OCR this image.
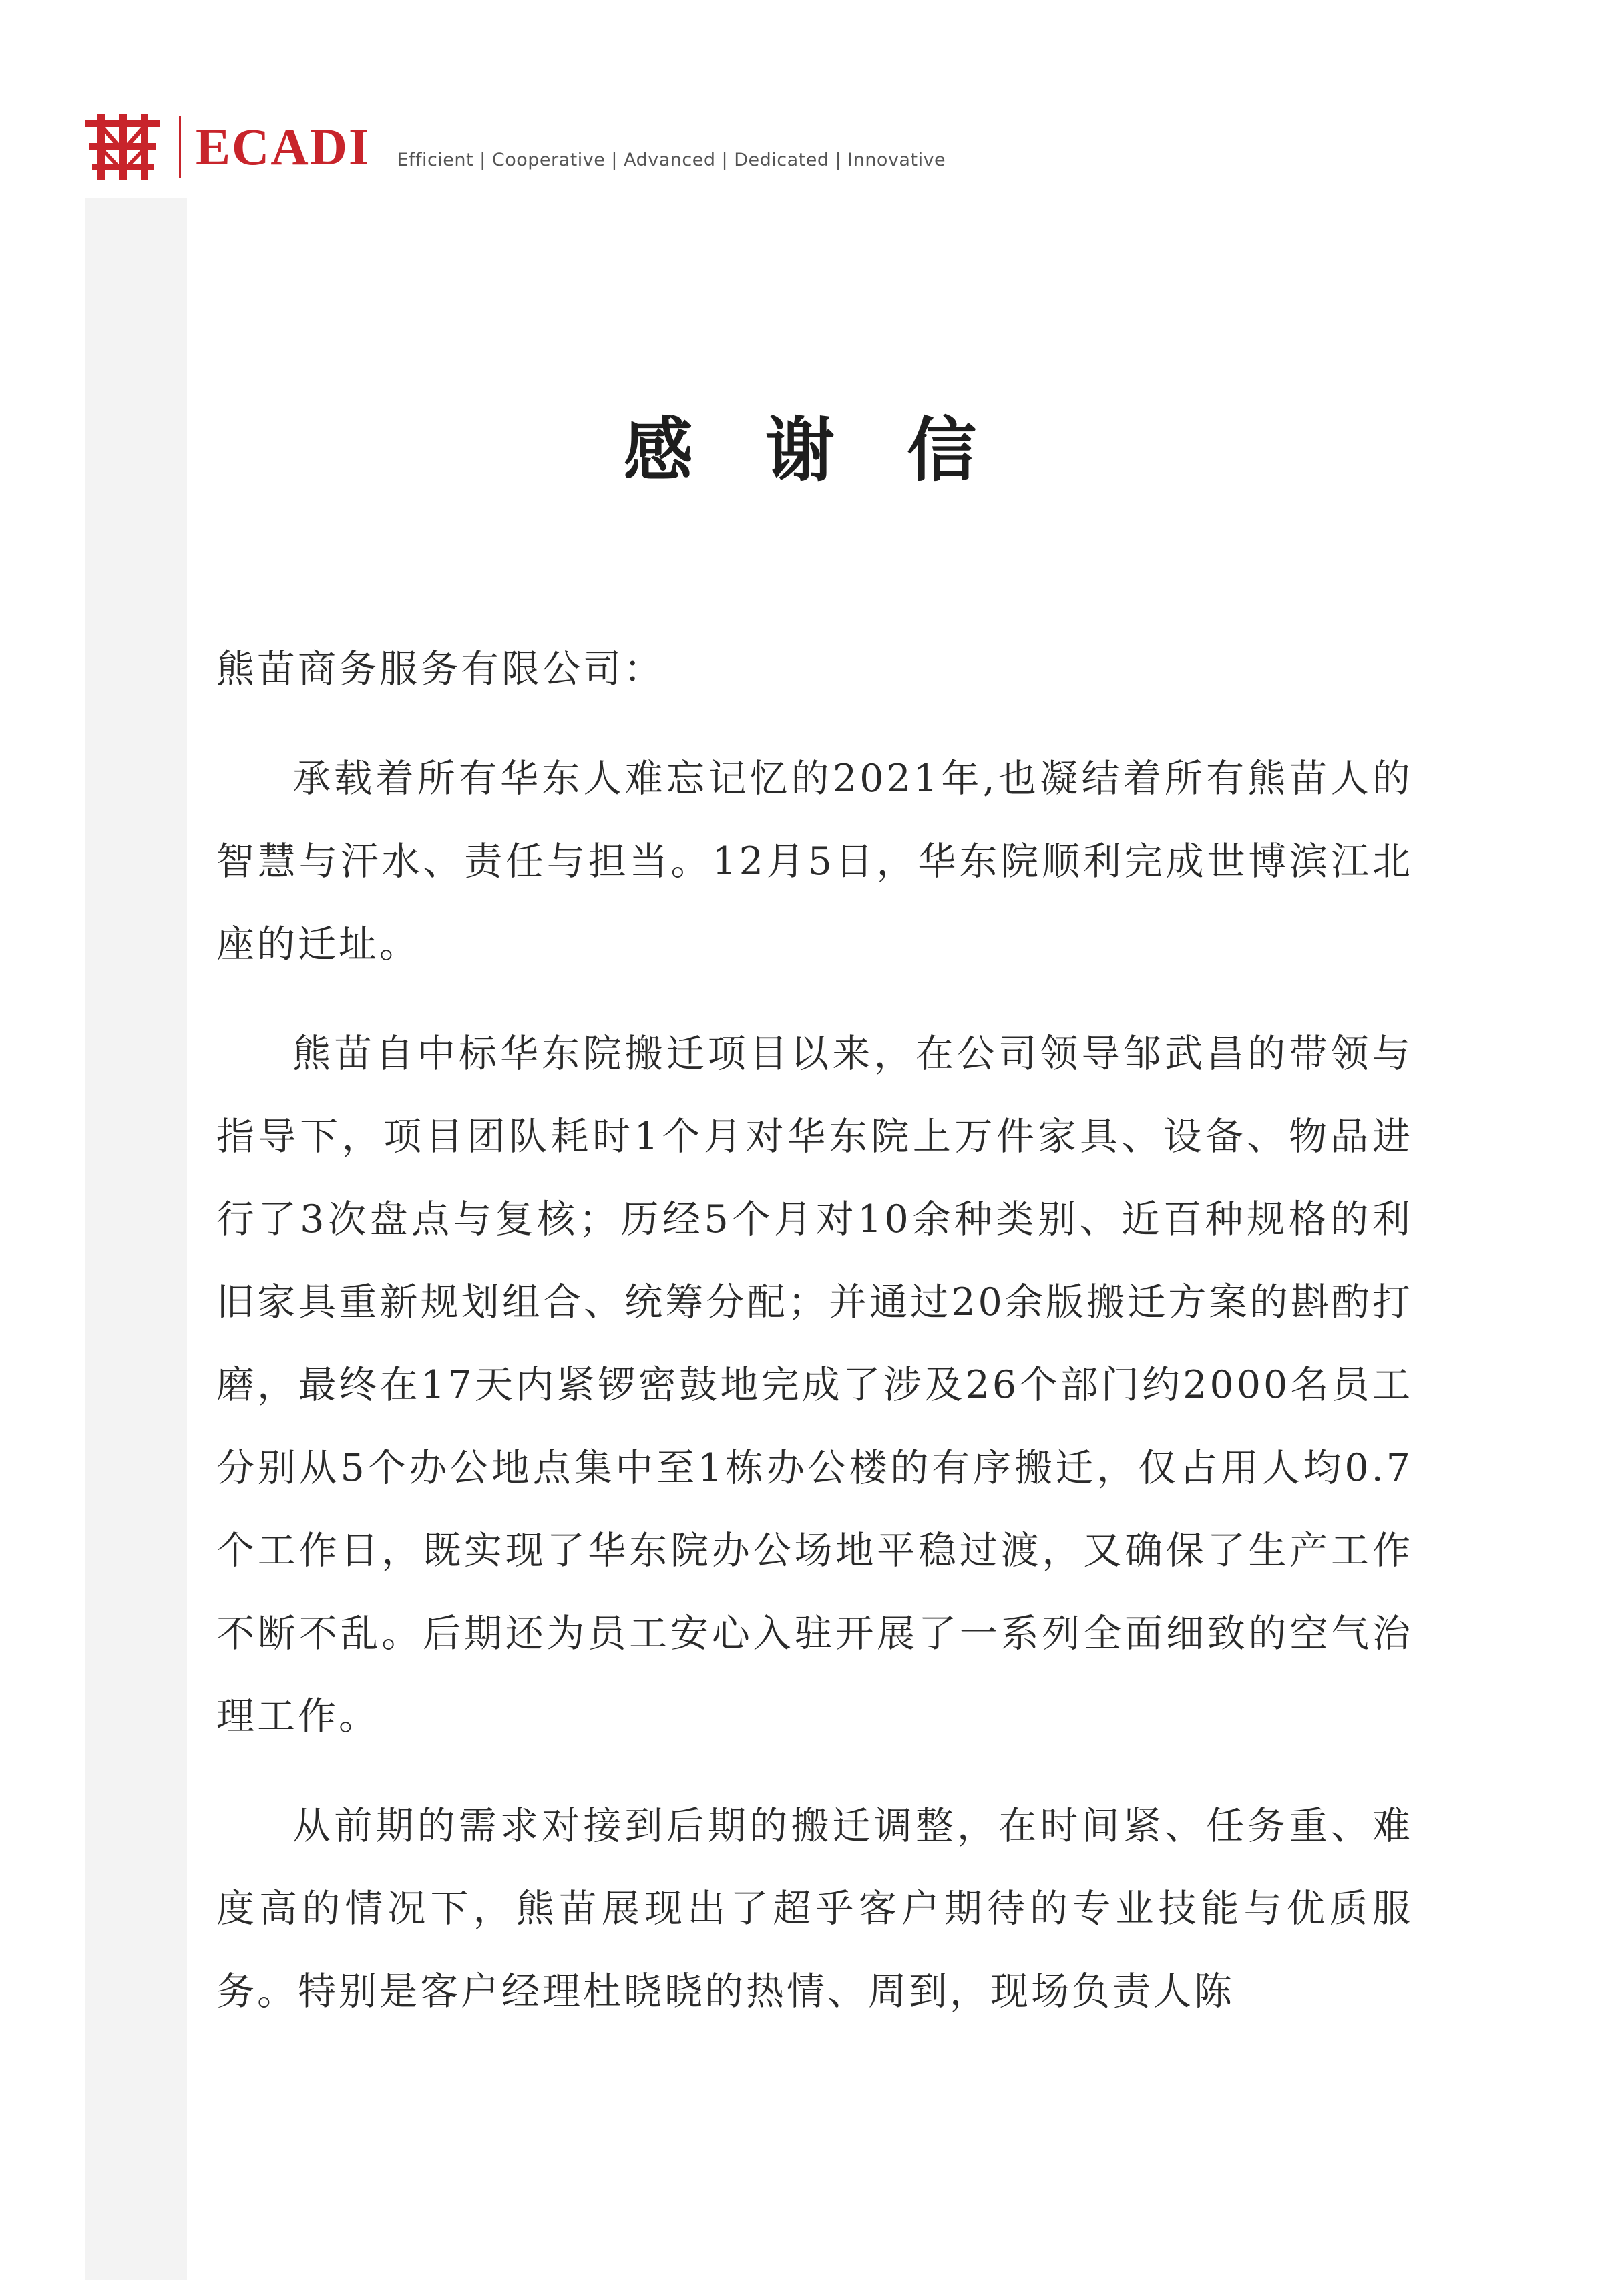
ECADI Efficient | Cooperative | Advanced | Dedicated | Innovative
感 谢 信

熊苗商务服务有限公司：

承载着所有华东人难忘记忆的2021年,也凝结着所有熊苗人的智慧与汗水、责任与担当。12月5日，华东院顺利完成世博滨江北座的迁址。

熊苗自中标华东院搬迁项目以来，在公司领导邹武昌的带领与指导下，项目团队耗时1个月对华东院上万件家具、设备、物品进行了3次盘点与复核；历经5个月对10余种类别、近百种规格的利旧家具重新规划组合、统筹分配；并通过20余版搬迁方案的斟酌打磨，最终在17天内紧锣密鼓地完成了涉及26个部门约2000名员工分别从5个办公地点集中至1栋办公楼的有序搬迁，仅占用人均0.7个工作日，既实现了华东院办公场地平稳过渡，又确保了生产工作不断不乱。后期还为员工安心入驻开展了一系列全面细致的空气治理工作。

从前期的需求对接到后期的搬迁调整，在时间紧、任务重、难度高的情况下，熊苗展现出了超乎客户期待的专业技能与优质服务。特别是客户经理杜晓晓的热情、周到，现场负责人陈
